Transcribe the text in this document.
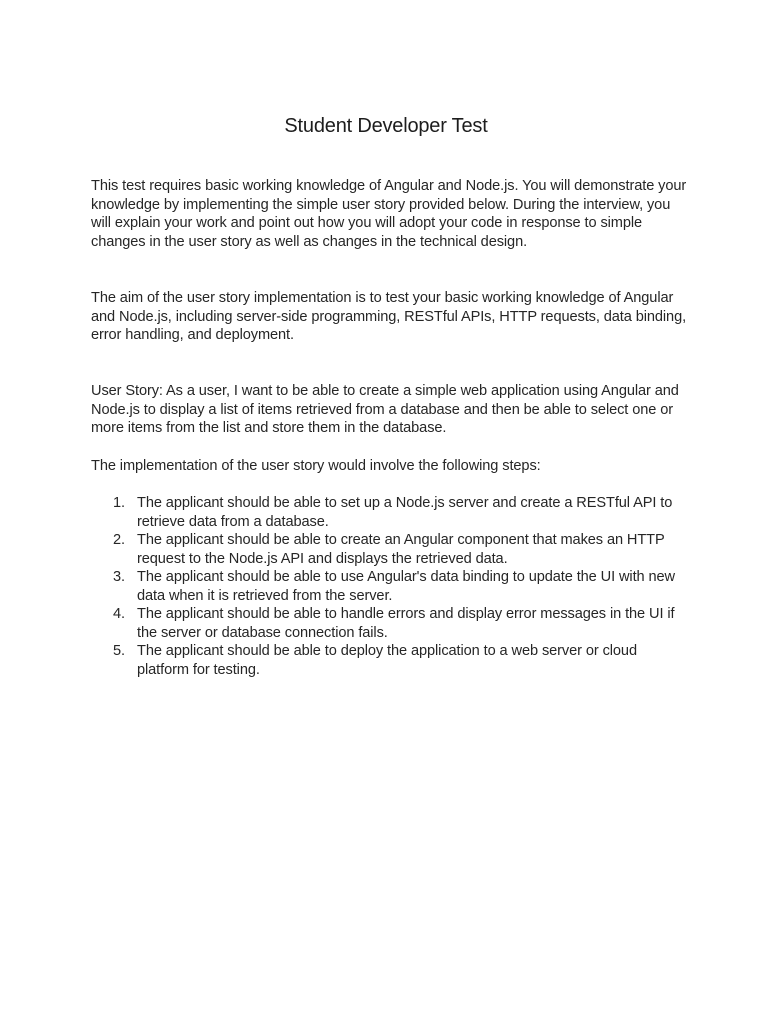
Student Developer Test

This test requires basic working knowledge of Angular and Node.js. You will demonstrate your knowledge by implementing the simple user story provided below. During the interview, you will explain your work and point out how you will adopt your code in response to simple changes in the user story as well as changes in the technical design.

The aim of the user story implementation is to test your basic working knowledge of Angular and Node.js, including server-side programming, RESTful APIs, HTTP requests, data binding, error handling, and deployment.

User Story: As a user, I want to be able to create a simple web application using Angular and Node.js to display a list of items retrieved from a database and then be able to select one or more items from the list and store them in the database.

The implementation of the user story would involve the following steps:

1. The applicant should be able to set up a Node.js server and create a RESTful API to retrieve data from a database.
2. The applicant should be able to create an Angular component that makes an HTTP request to the Node.js API and displays the retrieved data.
3. The applicant should be able to use Angular's data binding to update the UI with new data when it is retrieved from the server.
4. The applicant should be able to handle errors and display error messages in the UI if the server or database connection fails.
5. The applicant should be able to deploy the application to a web server or cloud platform for testing.
